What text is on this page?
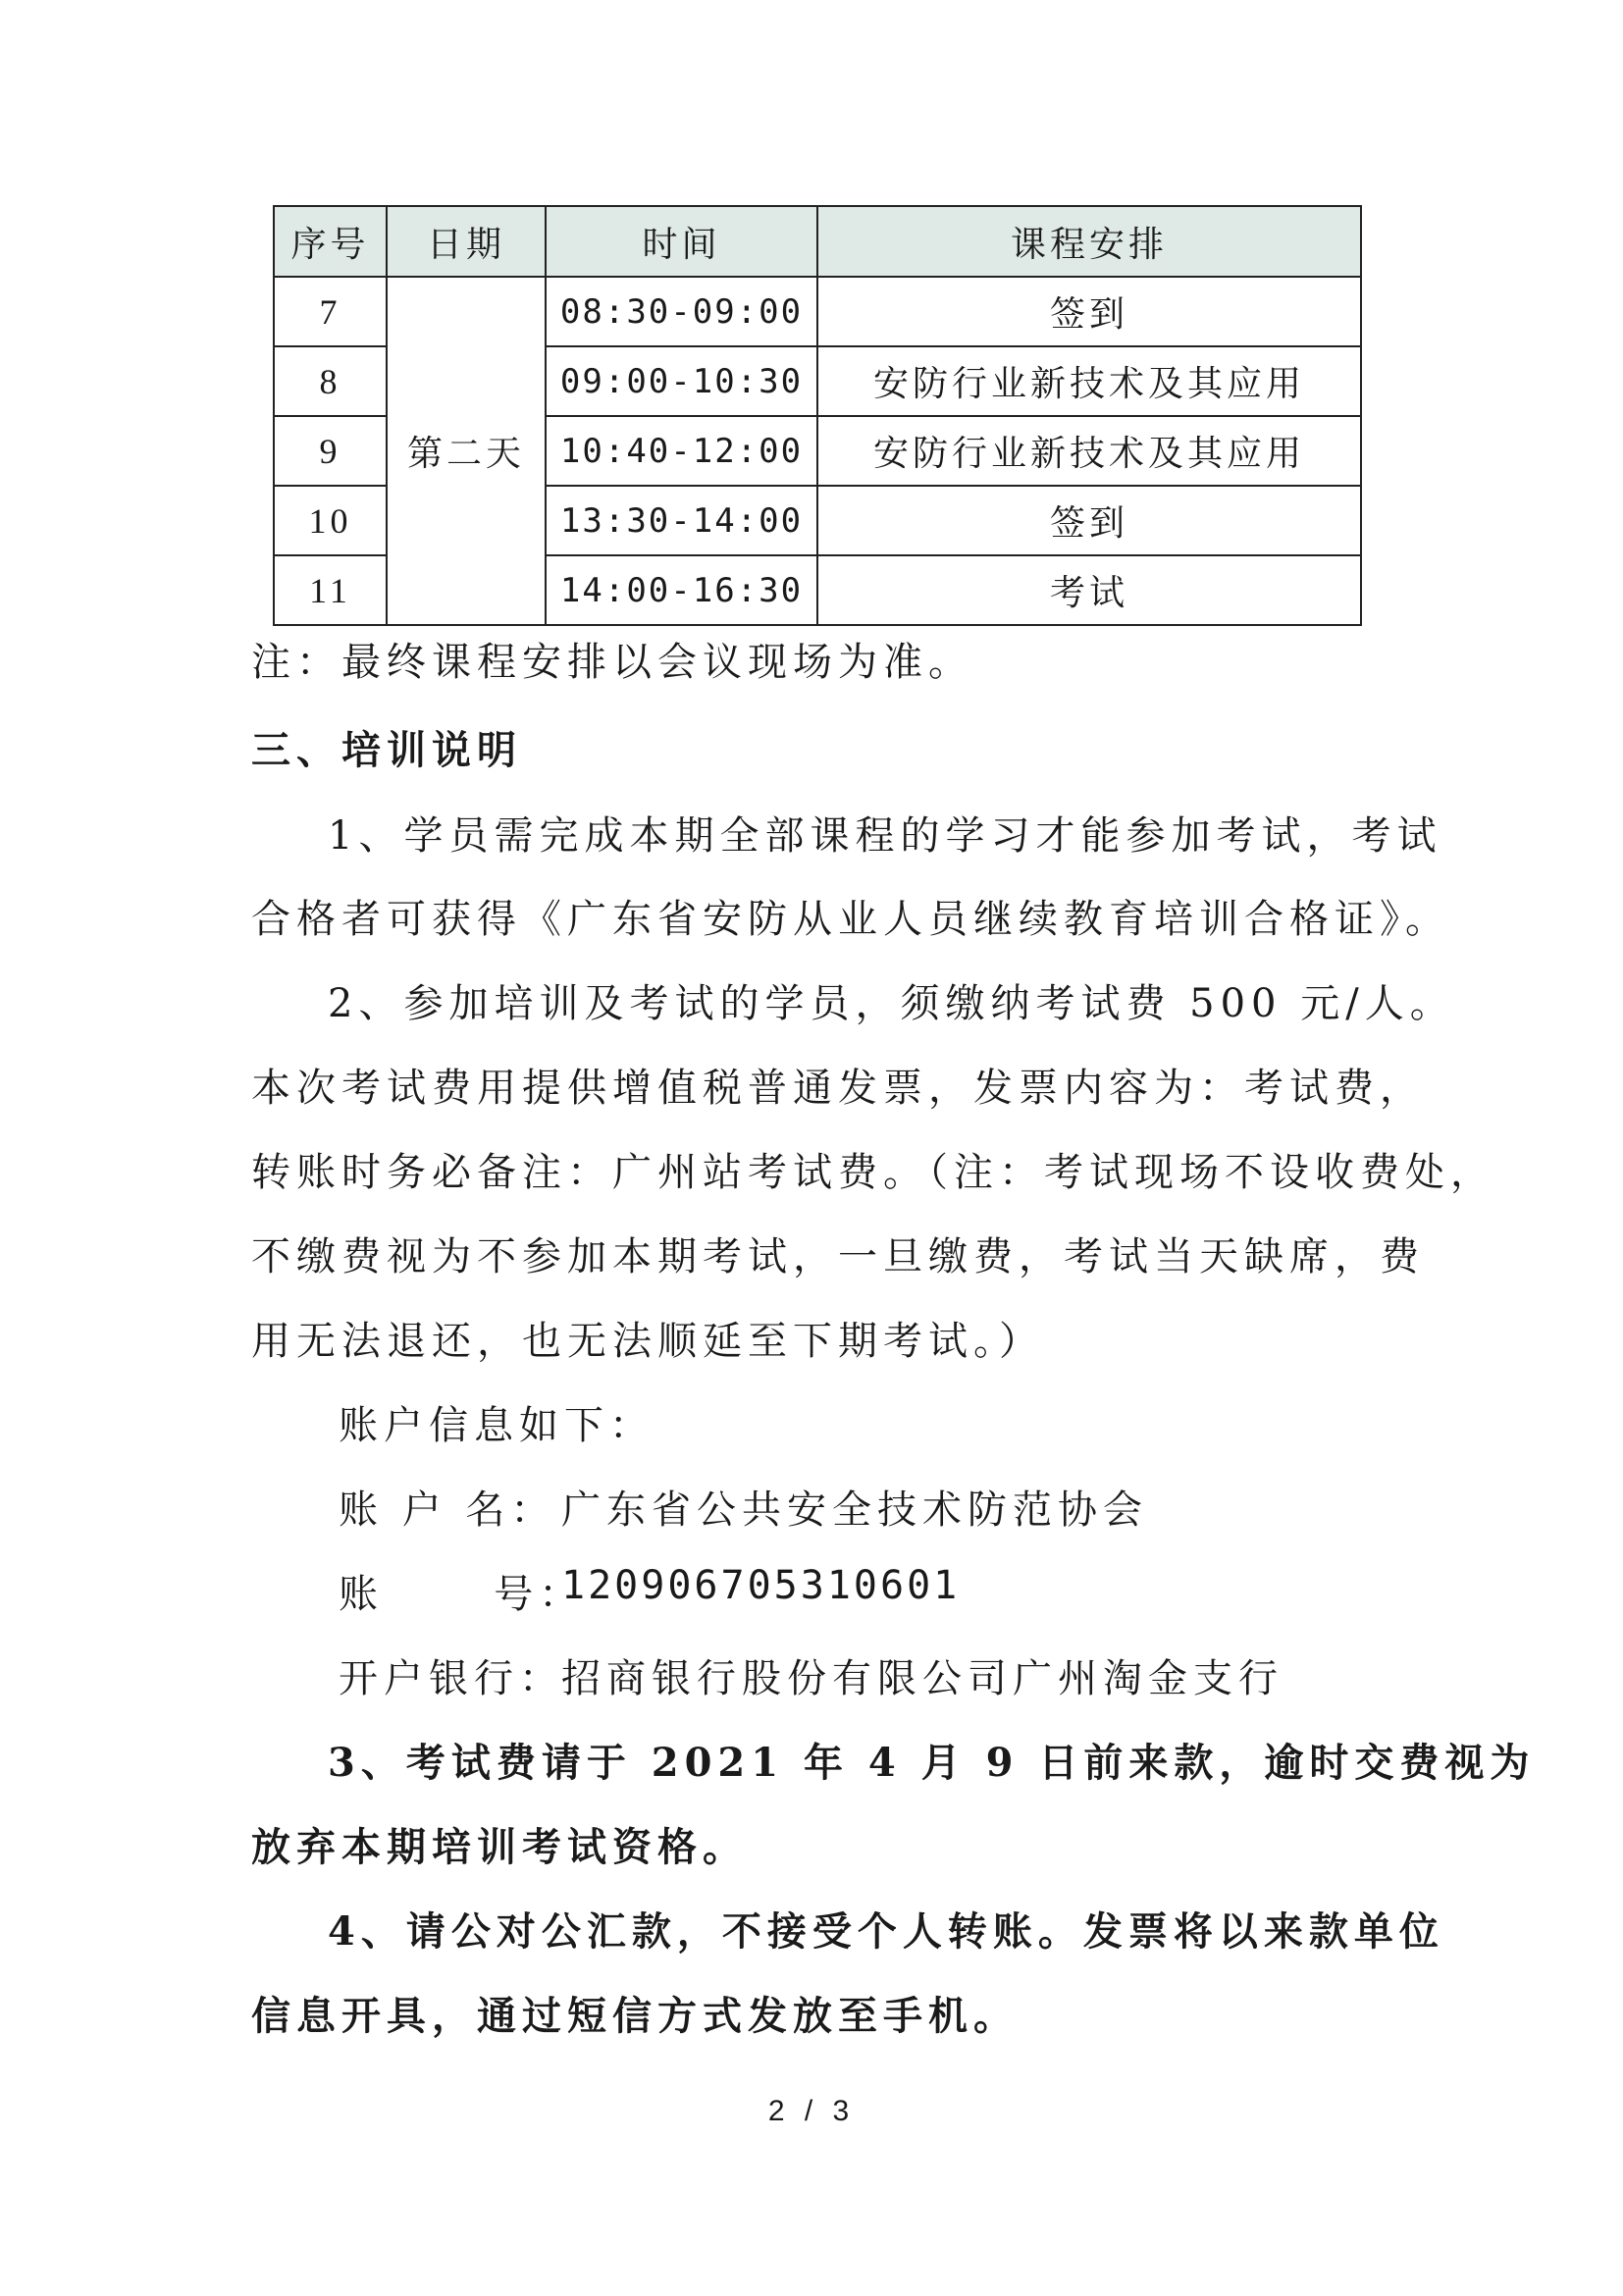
序号	日期	时间	课程安排
7	第二天	08:30-09:00	签到
8		09:00-10:30	安防行业新技术及其应用
9		10:40-12:00	安防行业新技术及其应用
10		13:30-14:00	签到
11		14:00-16:30	考试
注：最终课程安排以会议现场为准。
三、培训说明
1、学员需完成本期全部课程的学习才能参加考试，考试
合格者可获得《广东省安防从业人员继续教育培训合格证》。
2、参加培训及考试的学员，须缴纳考试费 500 元/人。
本次考试费用提供增值税普通发票，发票内容为：考试费，
转账时务必备注：广州站考试费。（注：考试现场不设收费处，
不缴费视为不参加本期考试，一旦缴费，考试当天缺席，费
用无法退还，也无法顺延至下期考试。）
账户信息如下：
账 户 名： 广东省公共安全技术防范协会
账      号：
120906705310601
开户银行：
招商银行股份有限公司广州淘金支行
3、考试费请于 2021 年 4 月 9 日前来款，逾时交费视为
放弃本期培训考试资格。
4、请公对公汇款，不接受个人转账。发票将以来款单位
信息开具，通过短信方式发放至手机。
2 / 3
